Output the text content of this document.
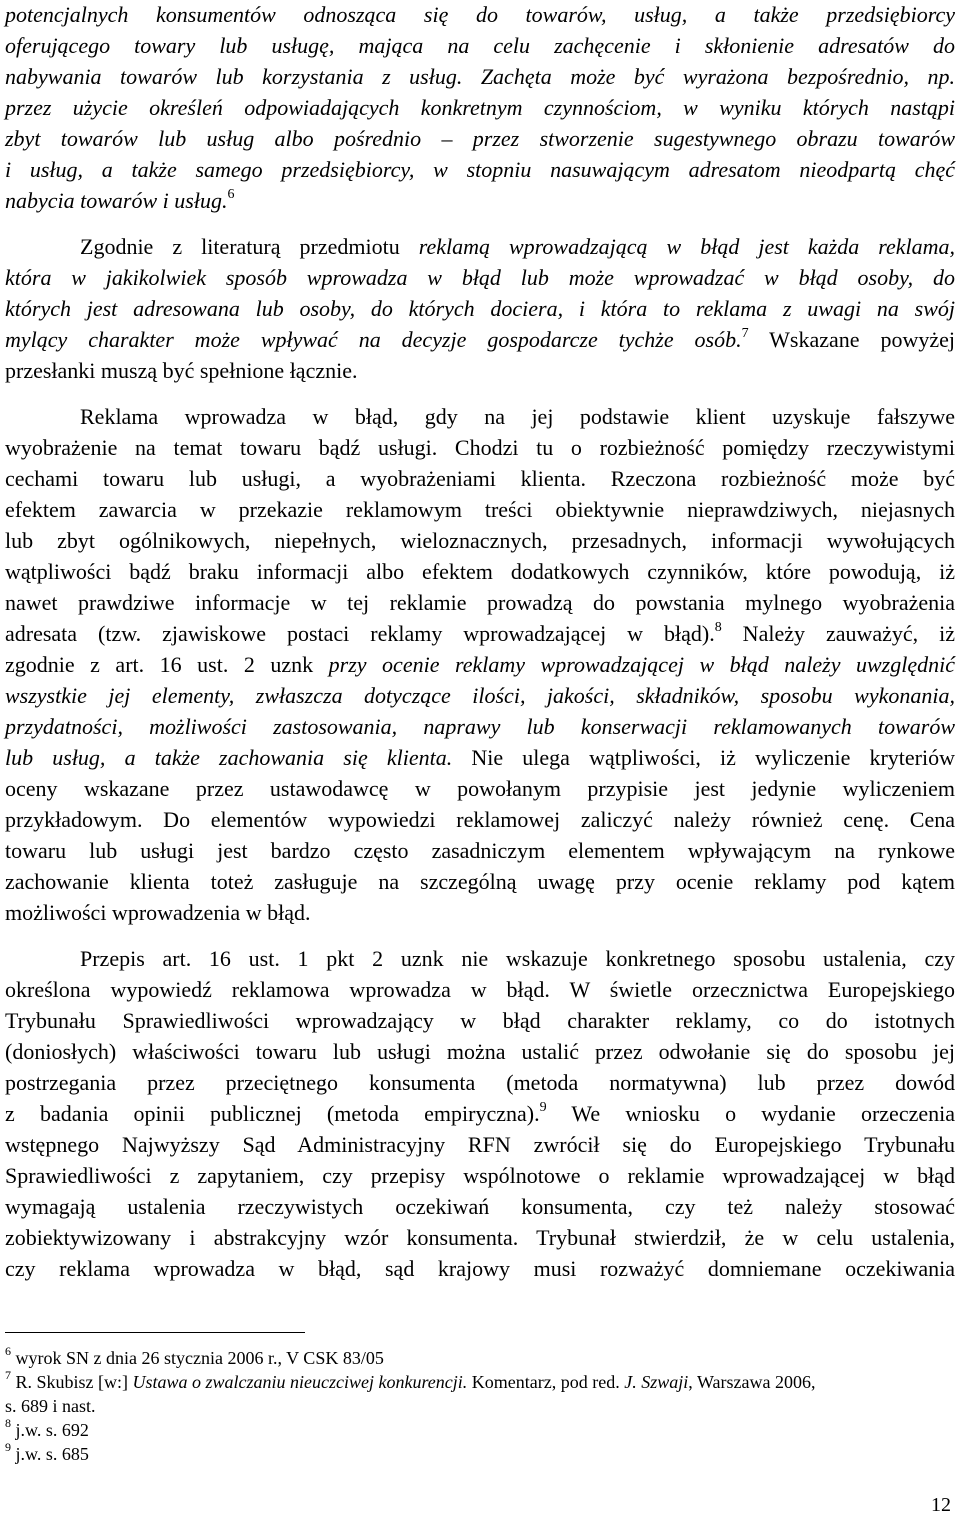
potencjalnych konsumentów odnosząca się do towarów, usług, a także przedsiębiorcy
oferującego towary lub usługę, mająca na celu zachęcenie i skłonienie adresatów do
nabywania towarów lub korzystania z usług. Zachęta może być wyrażona bezpośrednio, np.
przez użycie określeń odpowiadających konkretnym czynnościom, w wyniku których nastąpi
zbyt towarów lub usług albo pośrednio – przez stworzenie sugestywnego obrazu towarów
i usług, a także samego przedsiębiorcy, w stopniu nasuwającym adresatom nieodpartą chęć
nabycia towarów i usług.$^6$
Zgodnie z literaturą przedmiotu reklamą wprowadzającą w błąd jest każda reklama,
która w jakikolwiek sposób wprowadza w błąd lub może wprowadzać w błąd osoby, do
których jest adresowana lub osoby, do których dociera, i która to reklama z uwagi na swój
mylący charakter może wpływać na decyzje gospodarcze tychże osób.$^7$ Wskazane powyżej
przesłanki muszą być spełnione łącznie.
Reklama wprowadza w błąd, gdy na jej podstawie klient uzyskuje fałszywe
wyobrażenie na temat towaru bądź usługi. Chodzi tu o rozbieżność pomiędzy rzeczywistymi
cechami towaru lub usługi, a wyobrażeniami klienta. Rzeczona rozbieżność może być
efektem zawarcia w przekazie reklamowym treści obiektywnie nieprawdziwych, niejasnych
lub zbyt ogólnikowych, niepełnych, wieloznacznych, przesadnych, informacji wywołujących
wątpliwości bądź braku informacji albo efektem dodatkowych czynników, które powodują, iż
nawet prawdziwe informacje w tej reklamie prowadzą do powstania mylnego wyobrażenia
adresata (tzw. zjawiskowe postaci reklamy wprowadzającej w błąd).$^8$ Należy zauważyć, iż
zgodnie z art. 16 ust. 2 uznk przy ocenie reklamy wprowadzającej w błąd należy uwzględnić
wszystkie jej elementy, zwłaszcza dotyczące ilości, jakości, składników, sposobu wykonania,
przydatności, możliwości zastosowania, naprawy lub konserwacji reklamowanych towarów
lub usług, a także zachowania się klienta. Nie ulega wątpliwości, iż wyliczenie kryteriów
oceny wskazane przez ustawodawcę w powołanym przypisie jest jedynie wyliczeniem
przykładowym. Do elementów wypowiedzi reklamowej zaliczyć należy również cenę. Cena
towaru lub usługi jest bardzo często zasadniczym elementem wpływającym na rynkowe
zachowanie klienta toteż zasługuje na szczególną uwagę przy ocenie reklamy pod kątem
możliwości wprowadzenia w błąd.
Przepis art. 16 ust. 1 pkt 2 uznk nie wskazuje konkretnego sposobu ustalenia, czy
określona wypowiedź reklamowa wprowadza w błąd. W świetle orzecznictwa Europejskiego
Trybunału Sprawiedliwości wprowadzający w błąd charakter reklamy, co do istotnych
(doniosłych) właściwości towaru lub usługi można ustalić przez odwołanie się do sposobu jej
postrzegania przez przeciętnego konsumenta (metoda normatywna) lub przez dowód
z badania opinii publicznej (metoda empiryczna).$^9$ We wniosku o wydanie orzeczenia
wstępnego Najwyższy Sąd Administracyjny RFN zwrócił się do Europejskiego Trybunału
Sprawiedliwości z zapytaniem, czy przepisy wspólnotowe o reklamie wprowadzającej w błąd
wymagają ustalenia rzeczywistych oczekiwań konsumenta, czy też należy stosować
zobiektywizowany i abstrakcyjny wzór konsumenta. Trybunał stwierdził, że w celu ustalenia,
czy reklama wprowadza w błąd, sąd krajowy musi rozważyć domniemane oczekiwania
$^6$ wyrok SN z dnia 26 stycznia 2006 r., V CSK 83/05
$^7$ R. Skubisz [w:] Ustawa o zwalczaniu nieuczciwej konkurencji. Komentarz, pod red. J. Szwaji, Warszawa 2006,
s. 689 i nast.
$^8$ j.w. s. 692
$^9$ j.w. s. 685
12
